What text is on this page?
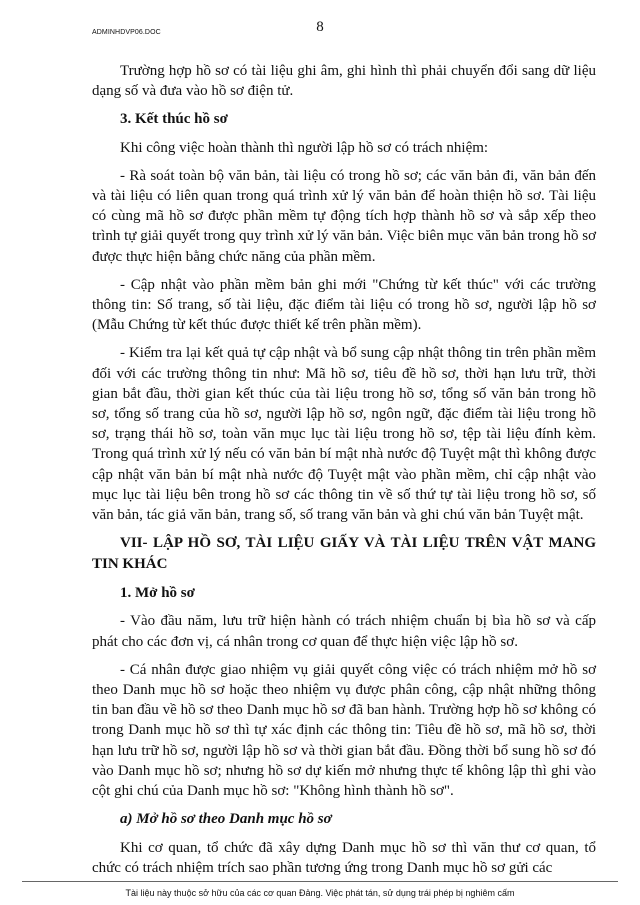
ADMINHDVP06.DOC	8

Trường hợp hồ sơ có tài liệu ghi âm, ghi hình thì phải chuyển đổi sang dữ liệu dạng số và đưa vào hồ sơ điện tử.

3. Kết thúc hồ sơ

Khi công việc hoàn thành thì người lập hồ sơ có trách nhiệm:

- Rà soát toàn bộ văn bản, tài liệu có trong hồ sơ; các văn bản đi, văn bản đến và tài liệu có liên quan trong quá trình xử lý văn bản để hoàn thiện hồ sơ. Tài liệu có cùng mã hồ sơ được phần mềm tự động tích hợp thành hồ sơ và sắp xếp theo trình tự giải quyết trong quy trình xử lý văn bản. Việc biên mục văn bản trong hồ sơ được thực hiện bằng chức năng của phần mềm.

- Cập nhật vào phần mềm bản ghi mới "Chứng từ kết thúc" với các trường thông tin: Số trang, số tài liệu, đặc điểm tài liệu có trong hồ sơ, người lập hồ sơ (Mẫu Chứng từ kết thúc được thiết kế trên phần mềm).

- Kiểm tra lại kết quả tự cập nhật và bổ sung cập nhật thông tin trên phần mềm đối với các trường thông tin như: Mã hồ sơ, tiêu đề hồ sơ, thời hạn lưu trữ, thời gian bắt đầu, thời gian kết thúc của tài liệu trong hồ sơ, tổng số văn bản trong hồ sơ, tổng số trang của hồ sơ, người lập hồ sơ, ngôn ngữ, đặc điểm tài liệu trong hồ sơ, trạng thái hồ sơ, toàn văn mục lục tài liệu trong hồ sơ, tệp tài liệu đính kèm. Trong quá trình xử lý nếu có văn bản bí mật nhà nước độ Tuyệt mật thì không được cập nhật văn bản bí mật nhà nước độ Tuyệt mật vào phần mềm, chỉ cập nhật vào mục lục tài liệu bên trong hồ sơ các thông tin về số thứ tự tài liệu trong hồ sơ, số văn bản, tác giả văn bản, trang số, số trang văn bản và ghi chú văn bản Tuyệt mật.

VII- LẬP HỒ SƠ, TÀI LIỆU GIẤY VÀ TÀI LIỆU TRÊN VẬT MANG TIN KHÁC

1. Mở hồ sơ

- Vào đầu năm, lưu trữ hiện hành có trách nhiệm chuẩn bị bìa hồ sơ và cấp phát cho các đơn vị, cá nhân trong cơ quan để thực hiện việc lập hồ sơ.

- Cá nhân được giao nhiệm vụ giải quyết công việc có trách nhiệm mở hồ sơ theo Danh mục hồ sơ hoặc theo nhiệm vụ được phân công, cập nhật những thông tin ban đầu về hồ sơ theo Danh mục hồ sơ đã ban hành. Trường hợp hồ sơ không có trong Danh mục hồ sơ thì tự xác định các thông tin: Tiêu đề hồ sơ, mã hồ sơ, thời hạn lưu trữ hồ sơ, người lập hồ sơ và thời gian bắt đầu. Đồng thời bổ sung hồ sơ đó vào Danh mục hồ sơ; nhưng hồ sơ dự kiến mở nhưng thực tế không lập thì ghi vào cột ghi chú của Danh mục hồ sơ: "Không hình thành hồ sơ".

a) Mở hồ sơ theo Danh mục hồ sơ

Khi cơ quan, tổ chức đã xây dựng Danh mục hồ sơ thì văn thư cơ quan, tổ chức có trách nhiệm trích sao phần tương ứng trong Danh mục hồ sơ gửi các

Tài liệu này thuộc sở hữu của các cơ quan Đảng. Việc phát tán, sử dụng trái phép bị nghiêm cấm
